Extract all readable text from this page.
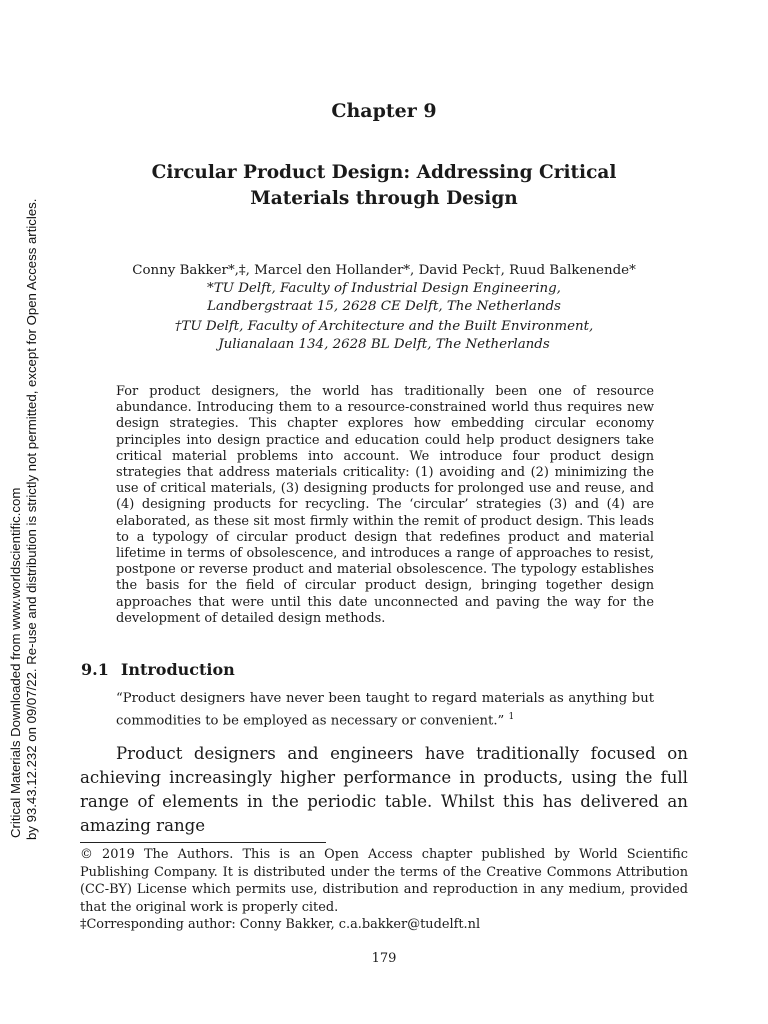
Critical Materials Downloaded from www.worldscientific.com by 93.43.12.232 on 09/07/22. Re-use and distribution is strictly not permitted, except for Open Access articles.
Chapter 9
Circular Product Design: Addressing Critical
Materials through Design
Conny Bakker*,‡, Marcel den Hollander*, David Peck†, Ruud Balkenende*
*TU Delft, Faculty of Industrial Design Engineering,
Landbergstraat 15, 2628 CE Delft, The Netherlands
†TU Delft, Faculty of Architecture and the Built Environment,
Julianalaan 134, 2628 BL Delft, The Netherlands
For product designers, the world has traditionally been one of resource abundance. Introducing them to a resource-constrained world thus requires new design strategies. This chapter explores how embedding circular economy principles into design practice and education could help product designers take critical material problems into account. We introduce four product design strategies that address materials criticality: (1) avoiding and (2) minimizing the use of critical materials, (3) designing products for prolonged use and reuse, and (4) designing products for recycling. The ‘circular’ strategies (3) and (4) are elaborated, as these sit most firmly within the remit of product design. This leads to a typology of circular product design that redefines product and material lifetime in terms of obsolescence, and introduces a range of approaches to resist, postpone or reverse product and material obsolescence. The typology establishes the basis for the field of circular product design, bringing together design approaches that were until this date unconnected and paving the way for the development of detailed design methods.
9.1 Introduction
“Product designers have never been taught to regard materials as anything but commodities to be employed as necessary or convenient.” $^1$
Product designers and engineers have traditionally focused on achieving increasingly higher performance in products, using the full range of elements in the periodic table. Whilst this has delivered an amazing range
© 2019 The Authors. This is an Open Access chapter published by World Scientific Publishing Company. It is distributed under the terms of the Creative Commons Attribution (CC-BY) License which permits use, distribution and reproduction in any medium, provided that the original work is properly cited.
‡Corresponding author: Conny Bakker, c.a.bakker@tudelft.nl
179
